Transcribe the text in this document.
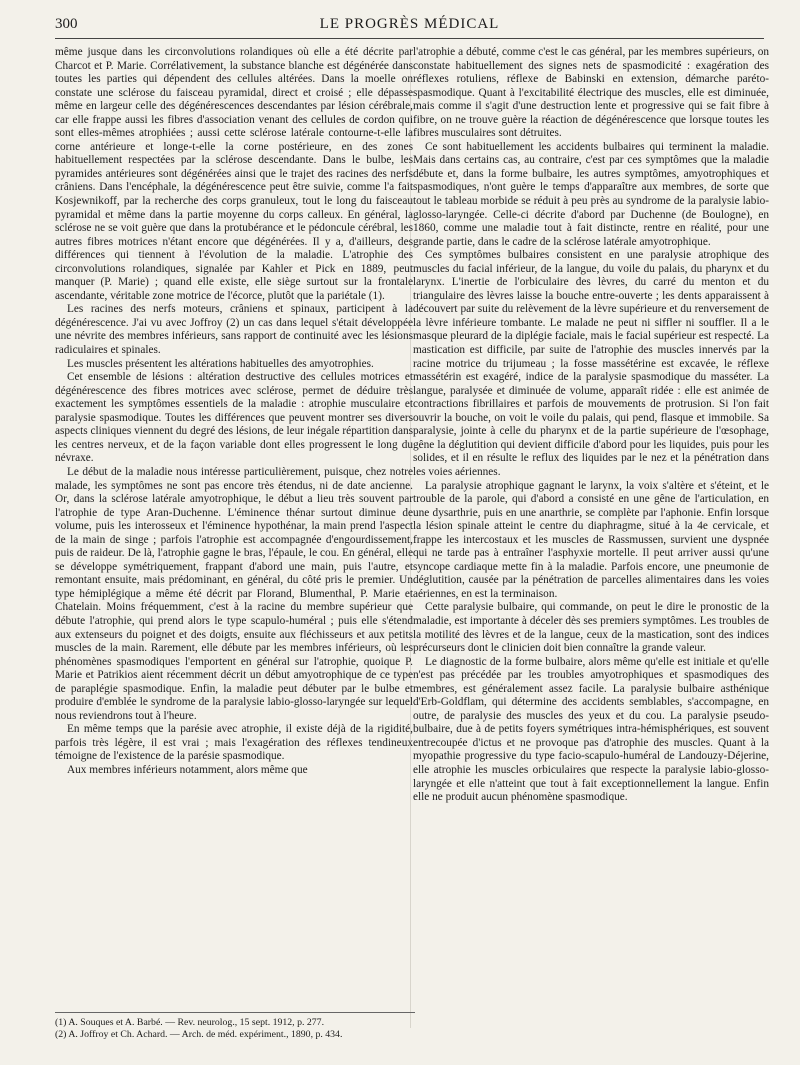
300	LE PROGRÈS MÉDICAL

même jusque dans les circonvolutions rolandiques où elle a été décrite par Charcot et P. Marie. Corrélativement, la substance blanche est dégénérée dans toutes les parties qui dépendent des cellules altérées. Dans la moelle on constate une sclérose du faisceau pyramidal, direct et croisé ; elle dépasse même en largeur celle des dégénérescences descendantes par lésion cérébrale, car elle frappe aussi les fibres d'association venant des cellules de cordon qui sont elles-mêmes atrophiées ; aussi cette sclérose latérale contourne-t-elle la corne antérieure et longe-t-elle la corne postérieure, en des zones habituellement respectées par la sclérose descendante. Dans le bulbe, les pyramides antérieures sont dégénérées ainsi que le trajet des racines des nerfs crâniens. Dans l'encéphale, la dégénérescence peut être suivie, comme l'a fait Kosjewnikoff, par la recherche des corps granuleux, tout le long du faisceau pyramidal et même dans la partie moyenne du corps calleux. En général, la sclérose ne se voit guère que dans la protubérance et le pédoncule cérébral, les autres fibres motrices n'étant encore que dégénérées. Il y a, d'ailleurs, des différences qui tiennent à l'évolution de la maladie. L'atrophie des circonvolutions rolandiques, signalée par Kahler et Pick en 1889, peut manquer (P. Marie) ; quand elle existe, elle siège surtout sur la frontale ascendante, véritable zone motrice de l'écorce, plutôt que la pariétale (1).

Les racines des nerfs moteurs, crâniens et spinaux, participent à la dégénérescence. J'ai vu avec Joffroy (2) un cas dans lequel s'était développée une névrite des membres inférieurs, sans rapport de continuité avec les lésions radiculaires et spinales.

Les muscles présentent les altérations habituelles des amyotrophies.

Cet ensemble de lésions : altération destructive des cellules motrices et dégénérescence des fibres motrices avec sclérose, permet de déduire très exactement les symptômes essentiels de la maladie : atrophie musculaire et paralysie spasmodique. Toutes les différences que peuvent montrer ses divers aspects cliniques viennent du degré des lésions, de leur inégale répartition dans les centres nerveux, et de la façon variable dont elles progressent le long du névraxe.

Le début de la maladie nous intéresse particulièrement, puisque, chez notre malade, les symptômes ne sont pas encore très étendus, ni de date ancienne. Or, dans la sclérose latérale amyotrophique, le début a lieu très souvent par l'atrophie de type Aran-Duchenne. L'éminence thénar surtout diminue de volume, puis les interosseux et l'éminence hypothénar, la main prend l'aspect de la main de singe ; parfois l'atrophie est accompagnée d'engourdissement, puis de raideur. De là, l'atrophie gagne le bras, l'épaule, le cou. En général, elle se développe symétriquement, frappant d'abord une main, puis l'autre, et remontant ensuite, mais prédominant, en général, du côté pris le premier. Un type hémiplégique a même été décrit par Florand, Blumenthal, P. Marie et Chatelain. Moins fréquemment, c'est à la racine du membre supérieur que débute l'atrophie, qui prend alors le type scapulo-huméral ; puis elle s'étend aux extenseurs du poignet et des doigts, ensuite aux fléchisseurs et aux petits muscles de la main. Rarement, elle débute par les membres inférieurs, où les phénomènes spasmodiques l'emportent en général sur l'atrophie, quoique P. Marie et Patrikios aient récemment décrit un début amyotrophique de ce type de paraplégie spasmodique. Enfin, la maladie peut débuter par le bulbe et produire d'emblée le syndrome de la paralysie labio-glosso-laryngée sur lequel nous reviendrons tout à l'heure.

En même temps que la parésie avec atrophie, il existe déjà de la rigidité, parfois très légère, il est vrai ; mais l'exagération des réflexes tendineux témoigne de l'existence de la parésie spasmodique.

Aux membres inférieurs notamment, alors même que

l'atrophie a débuté, comme c'est le cas général, par les membres supérieurs, on constate habituellement des signes nets de spasmodicité : exagération des réflexes rotuliens, réflexe de Babinski en extension, démarche paréto-spasmodique. Quant à l'excitabilité électrique des muscles, elle est diminuée, mais comme il s'agit d'une destruction lente et progressive qui se fait fibre à fibre, on ne trouve guère la réaction de dégénérescence que lorsque toutes les fibres musculaires sont détruites.

Ce sont habituellement les accidents bulbaires qui terminent la maladie. Mais dans certains cas, au contraire, c'est par ces symptômes que la maladie débute et, dans la forme bulbaire, les autres symptômes, amyotrophiques et spasmodiques, n'ont guère le temps d'apparaître aux membres, de sorte que tout le tableau morbide se réduit à peu près au syndrome de la paralysie labio-glosso-laryngée. Celle-ci décrite d'abord par Duchenne (de Boulogne), en 1860, comme une maladie tout à fait distincte, rentre en réalité, pour une grande partie, dans le cadre de la sclérose latérale amyotrophique.

Ces symptômes bulbaires consistent en une paralysie atrophique des muscles du facial inférieur, de la langue, du voile du palais, du pharynx et du larynx. L'inertie de l'orbiculaire des lèvres, du carré du menton et du triangulaire des lèvres laisse la bouche entre-ouverte ; les dents apparaissent à découvert par suite du relèvement de la lèvre supérieure et du renversement de la lèvre inférieure tombante. Le malade ne peut ni siffler ni souffler. Il a le masque pleurard de la diplégie faciale, mais le facial supérieur est respecté. La mastication est difficile, par suite de l'atrophie des muscles innervés par la racine motrice du trijumeau ; la fosse massétérine est excavée, le réflexe massétérin est exagéré, indice de la paralysie spasmodique du masséter. La langue, paralysée et diminuée de volume, apparaît ridée : elle est animée de contractions fibrillaires et parfois de mouvements de protrusion. Si l'on fait ouvrir la bouche, on voit le voile du palais, qui pend, flasque et immobile. Sa paralysie, jointe à celle du pharynx et de la partie supérieure de l'œsophage, gêne la déglutition qui devient difficile d'abord pour les liquides, puis pour les solides, et il en résulte le reflux des liquides par le nez et la pénétration dans les voies aériennes.

La paralysie atrophique gagnant le larynx, la voix s'altère et s'éteint, et le trouble de la parole, qui d'abord a consisté en une gêne de l'articulation, en une dysarthrie, puis en une anarthrie, se complète par l'aphonie. Enfin lorsque la lésion spinale atteint le centre du diaphragme, situé à la 4e cervicale, et frappe les intercostaux et les muscles de Rassmussen, survient une dyspnée qui ne tarde pas à entraîner l'asphyxie mortelle. Il peut arriver aussi qu'une syncope cardiaque mette fin à la maladie. Parfois encore, une pneumonie de déglutition, causée par la pénétration de parcelles alimentaires dans les voies aériennes, en est la terminaison.

Cette paralysie bulbaire, qui commande, on peut le dire le pronostic de la maladie, est importante à déceler dès ses premiers symptômes. Les troubles de la motilité des lèvres et de la langue, ceux de la mastication, sont des indices précurseurs dont le clinicien doit bien connaître la grande valeur.

Le diagnostic de la forme bulbaire, alors même qu'elle est initiale et qu'elle n'est pas précédée par les troubles amyotrophiques et spasmodiques des membres, est généralement assez facile. La paralysie bulbaire asthénique d'Erb-Goldflam, qui détermine des accidents semblables, s'accompagne, en outre, de paralysie des muscles des yeux et du cou. La paralysie pseudo-bulbaire, due à de petits foyers symétriques intra-hémisphériques, est souvent entrecoupée d'ictus et ne provoque pas d'atrophie des muscles. Quant à la myopathie progressive du type facio-scapulo-huméral de Landouzy-Déjerine, elle atrophie les muscles orbiculaires que respecte la paralysie labio-glosso-laryngée et elle n'atteint que tout à fait exceptionnellement la langue. Enfin elle ne produit aucun phénomène spasmodique.

(1) A. Souques et A. Barbé. — Rev. neurolog., 15 sept. 1912, p. 277.
(2) A. Joffroy et Ch. Achard. — Arch. de méd. expériment., 1890, p. 434.
